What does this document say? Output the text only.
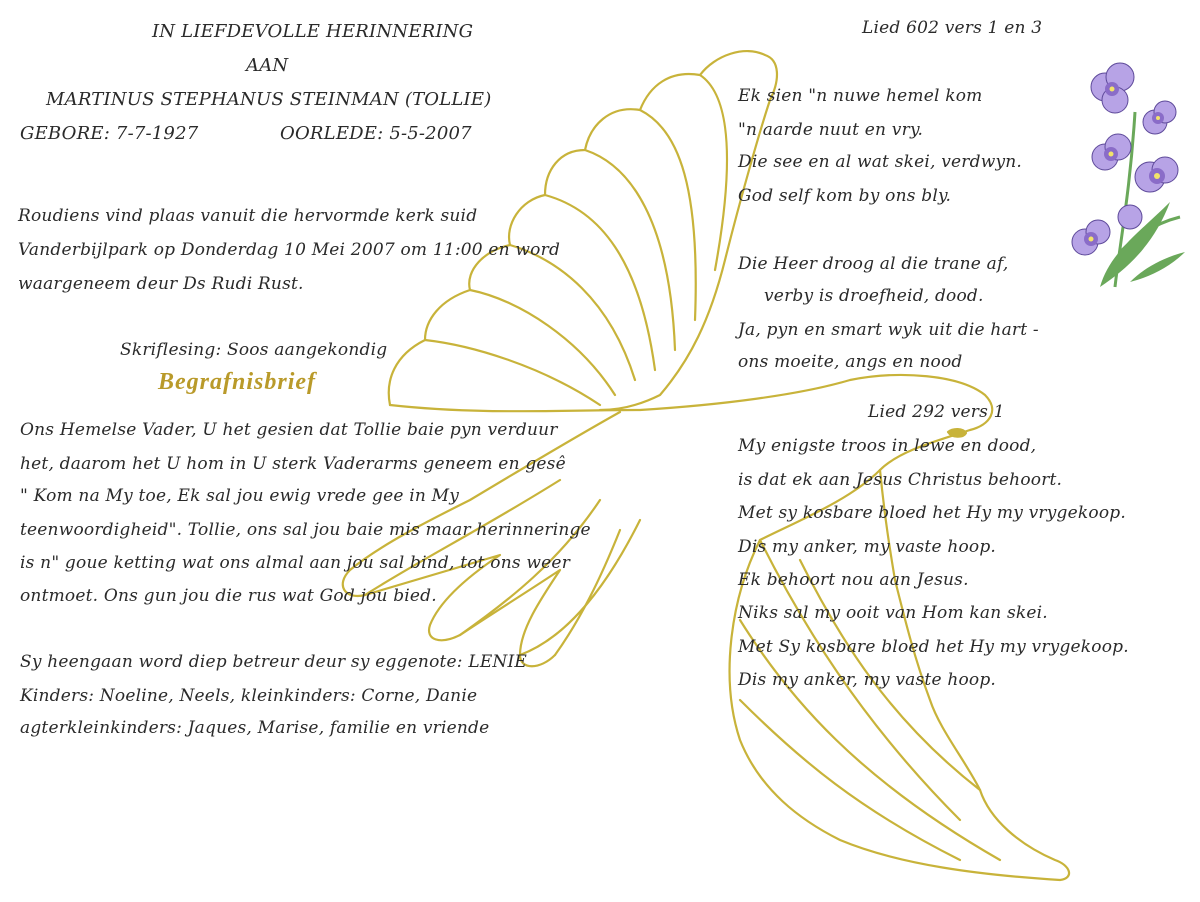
IN LIEFDEVOLLE HERINNERING
AAN
MARTINUS STEPHANUS STEINMAN (TOLLIE)
GEBORE: 7-7-1927	OORLEDE: 5-5-2007
Roudiens vind plaas vanuit die hervormde kerk suid
Vanderbijlpark op Donderdag 10 Mei 2007 om 11:00 en word
waargeneem deur Ds Rudi Rust.
Skriflesing: Soos aangekondig
Begrafnisbrief
Ons Hemelse Vader, U het gesien dat Tollie baie pyn verduur
het, daarom het U hom in U sterk Vaderarms geneem en gesê
" Kom na My toe, Ek sal jou ewig vrede gee in My
teenwoordigheid". Tollie, ons sal jou baie mis maar herinneringe
is n" goue ketting wat ons almal aan jou sal bind, tot ons weer
ontmoet. Ons gun jou die rus wat God jou bied.
Sy heengaan word diep betreur deur sy eggenote: LENIE
Kinders: Noeline, Neels, kleinkinders: Corne, Danie
agterkleinkinders: Jaques, Marise, familie en vriende
Lied 602 vers 1 en 3
Ek sien "n nuwe hemel kom
"n aarde nuut en vry.
Die see en al wat skei, verdwyn.
God self kom by ons bly.
Die Heer droog al die trane af,
verby is droefheid, dood.
Ja, pyn en smart wyk uit die hart -
ons moeite, angs en nood
Lied 292 vers 1
My enigste troos in lewe en dood,
is dat ek aan Jesus Christus behoort.
Met sy kosbare bloed het Hy my vrygekoop.
Dis my anker, my vaste hoop.
Ek behoort nou aan Jesus.
Niks sal my ooit van Hom kan skei.
Met Sy kosbare bloed het Hy my vrygekoop.
Dis my anker, my vaste hoop.
